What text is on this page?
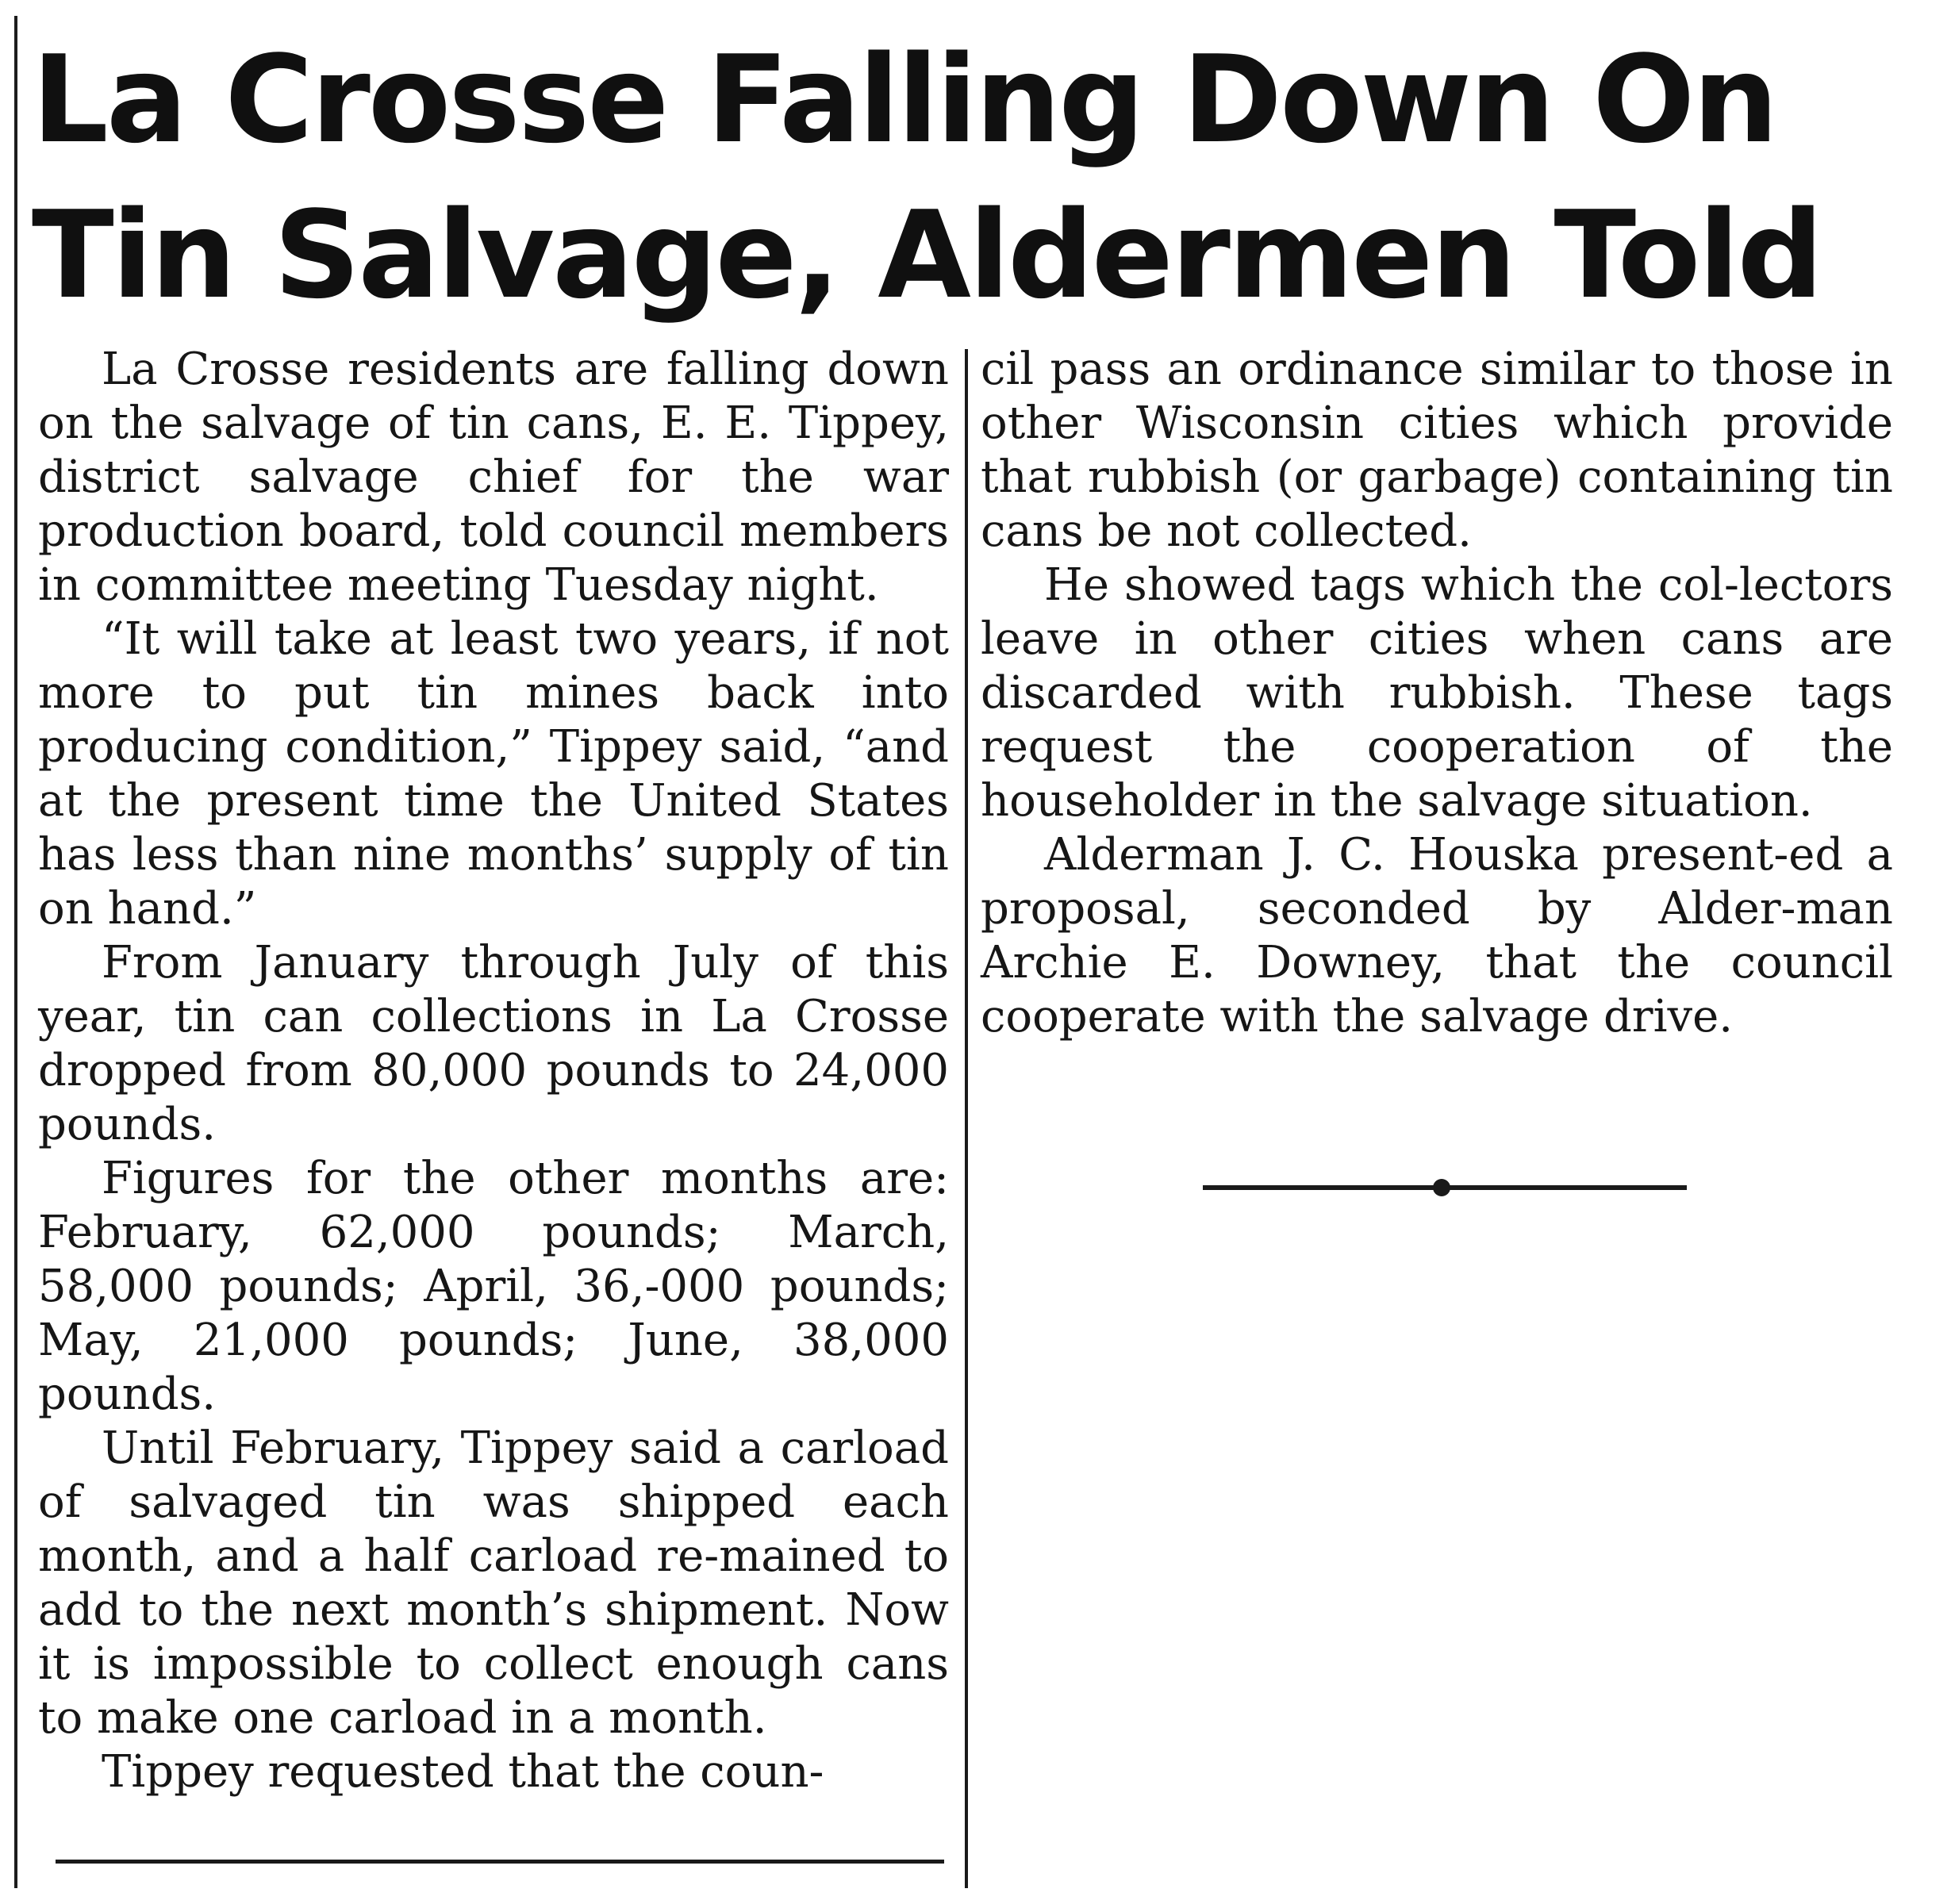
La Crosse Falling Down On
Tin Salvage, Aldermen Told

La Crosse residents are falling down on the salvage of tin cans, E. E. Tippey, district salvage chief for the war production board, told council members in committee meeting Tuesday night.

“It will take at least two years, if not more to put tin mines back into producing condition,” Tippey said, “and at the present time the United States has less than nine months’ supply of tin on hand.”

From January through July of this year, tin can collections in La Crosse dropped from 80,000 pounds to 24,000 pounds.

Figures for the other months are: February, 62,000 pounds; March, 58,000 pounds; April, 36,-000 pounds; May, 21,000 pounds; June, 38,000 pounds.

Until February, Tippey said a carload of salvaged tin was shipped each month, and a half carload re-mained to add to the next month’s shipment. Now it is impossible to collect enough cans to make one carload in a month.

Tippey requested that the coun-

cil pass an ordinance similar to those in other Wisconsin cities which provide that rubbish (or garbage) containing tin cans be not collected.

He showed tags which the col-lectors leave in other cities when cans are discarded with rubbish. These tags request the cooperation of the householder in the salvage situation.

Alderman J. C. Houska present-ed a proposal, seconded by Alder-man Archie E. Downey, that the council cooperate with the salvage drive.
